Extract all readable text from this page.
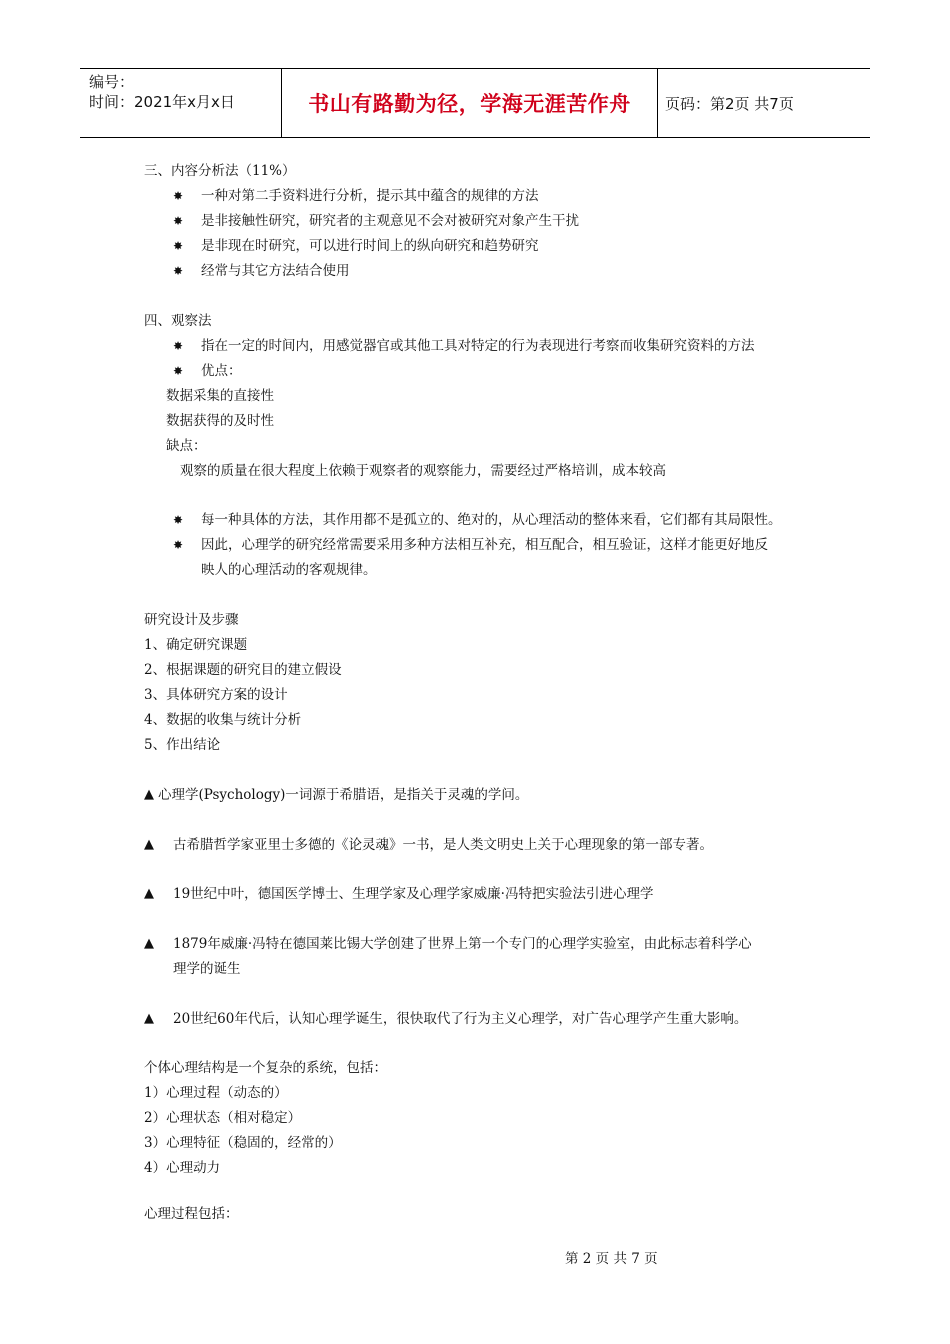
编号：
时间：2021年x月x日	书山有路勤为径，学海无涯苦作舟 页码：第2页 共7页
三、内容分析法（11%）
✸ 一种对第二手资料进行分析，提示其中蕴含的规律的方法
✸ 是非接触性研究，研究者的主观意见不会对被研究对象产生干扰
✸ 是非现在时研究，可以进行时间上的纵向研究和趋势研究
✸ 经常与其它方法结合使用
四、观察法
✸ 指在一定的时间内，用感觉器官或其他工具对特定的行为表现进行考察而收集研究资料的方法
✸ 优点：
数据采集的直接性
数据获得的及时性
缺点：
观察的质量在很大程度上依赖于观察者的观察能力，需要经过严格培训，成本较高
✸ 每一种具体的方法，其作用都不是孤立的、绝对的，从心理活动的整体来看，它们都有其局限性。
✸ 因此，心理学的研究经常需要采用多种方法相互补充，相互配合，相互验证，这样才能更好地反
映人的心理活动的客观规律。
研究设计及步骤
1、确定研究课题
2、根据课题的研究目的建立假设
3、具体研究方案的设计
4、数据的收集与统计分析
5、作出结论
▲ 心理学(Psychology)一词源于希腊语，是指关于灵魂的学问。
▲ 古希腊哲学家亚里士多德的《论灵魂》一书，是人类文明史上关于心理现象的第一部专著。
▲ 19世纪中叶，德国医学博士、生理学家及心理学家威廉·冯特把实验法引进心理学
▲ 1879年威廉·冯特在德国莱比锡大学创建了世界上第一个专门的心理学实验室，由此标志着科学心
理学的诞生
▲ 20世纪60年代后，认知心理学诞生，很快取代了行为主义心理学，对广告心理学产生重大影响。
个体心理结构是一个复杂的系统，包括：
1）心理过程（动态的）
2）心理状态（相对稳定）
3）心理特征（稳固的，经常的）
4）心理动力
心理过程包括：
第 2 页 共 7 页
